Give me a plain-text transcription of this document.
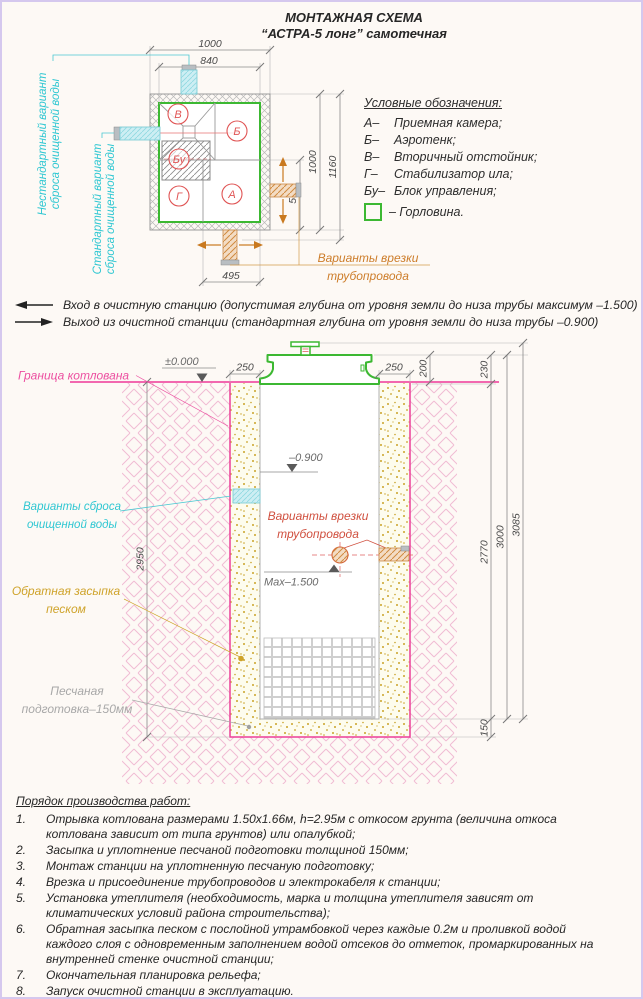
МОНТАЖНАЯ СХЕМА
“АСТРА-5 лонг” самотечная
1000
840
1000 1160
495
В
Б
Бу
Г	А
Нестандартный вариант сброса очищенной воды	Стандартный вариант сброса очищенной воды	Варианты врезки
трубопровода
Условные обозначения:
А–	Приемная камера;
Б–	Аэротенк;
В–	Вторичный отстойник;
Г–	Стабилизатор ила;
Бу– Блок управления;
– Горловина.
Вход в очистную станцию (допустимая глубина от уровня земли до низа трубы максимум –1.500)
Выход из очистной станции (стандартная глубина от уровня земли до низа трубы –0.900)
250	250 200	230
2770
150
3000
3085
2950
±0.000
–0.900
Варианты врезки
трубопровода
Max–1.500
Граница котлована
Варианты сброса
очищенной воды
Обратная засыпка
песком
Песчаная
подготовка–150мм
Порядок производства работ:
1.	Отрывка котлована размерами 1.50х1.66м, h=2.95м с откосом грунта (величина откоса котлована зависит от типа грунтов) или опалубкой;
2.	Засыпка и уплотнение песчаной подготовки толщиной 150мм;
3.	Монтаж станции на уплотненную песчаную подготовку;
4.	Врезка и присоединение трубопроводов и электрокабеля к станции;
5.	Установка утеплителя (необходимость, марка и толщина утеплителя зависят от климатических условий района строительства);
6.	Обратная засыпка песком с послойной утрамбовкой через каждые 0.2м и проливкой водой каждого слоя с одновременным заполнением водой отсеков до отметок, промаркированных на внутренней стенке очистной станции;
7.	Окончательная планировка рельефа;
8.	Запуск очистной станции в эксплуатацию.
